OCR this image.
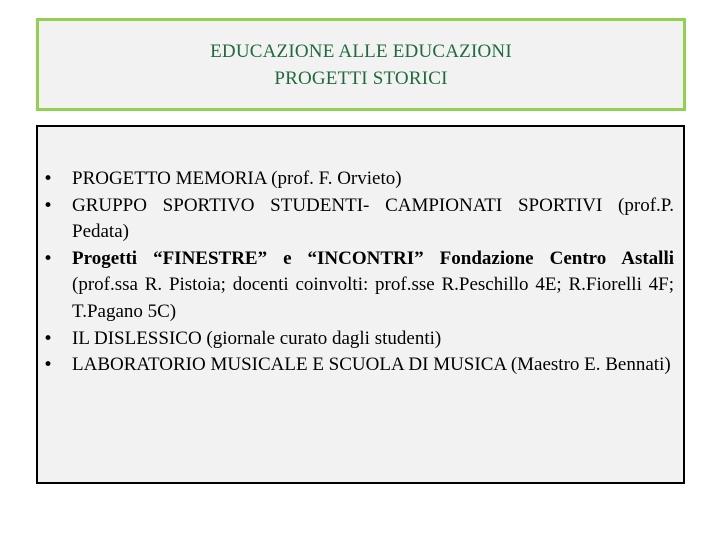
EDUCAZIONE ALLE EDUCAZIONI
PROGETTI STORICI
• PROGETTO MEMORIA (prof. F. Orvieto)
• GRUPPO SPORTIVO STUDENTI- CAMPIONATI SPORTIVI (prof.P. Pedata)
• Progetti “FINESTRE” e “INCONTRI” Fondazione Centro Astalli (prof.ssa R. Pistoia; docenti coinvolti: prof.sse R.Peschillo 4E; R.Fiorelli 4F; T.Pagano 5C)
• IL DISLESSICO (giornale curato dagli studenti)
• LABORATORIO MUSICALE E SCUOLA DI MUSICA (Maestro E. Bennati)
